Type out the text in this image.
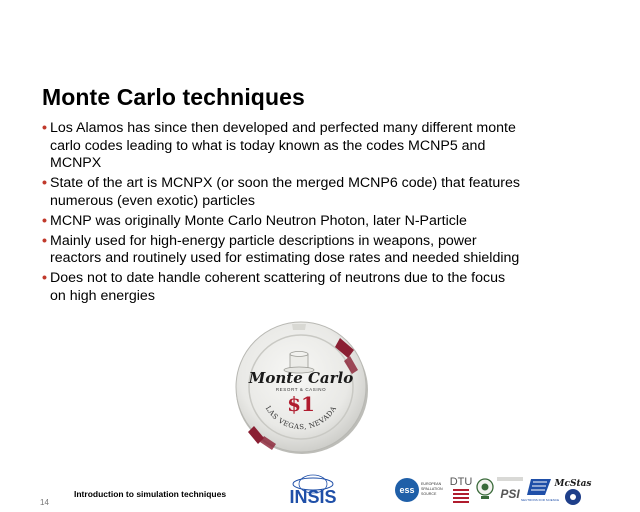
Monte Carlo techniques
• Los Alamos has since then developed and perfected many different monte
carlo codes leading to what is today known as the codes MCNP5 and
MCNPX
• State of the art is MCNPX (or soon the merged MCNP6 code) that features
numerous (even exotic) particles
• MCNP was originally Monte Carlo Neutron Photon, later N-Particle
• Mainly used for high-energy particle descriptions in weapons, power
reactors and routinely used for estimating dose rates and needed shielding
• Does not to date handle coherent scattering of neutrons due to the focus
on high energies
Monte Carlo
RESORT & CASINO
$1
LAS VEGAS, NEVADA
14
Introduction to simulation techniques	INSIS	ess
EUROPEAN
SPALLATION
SOURCE
DTU
PSI NEUTRONS FOR SCIENCE
McStas
